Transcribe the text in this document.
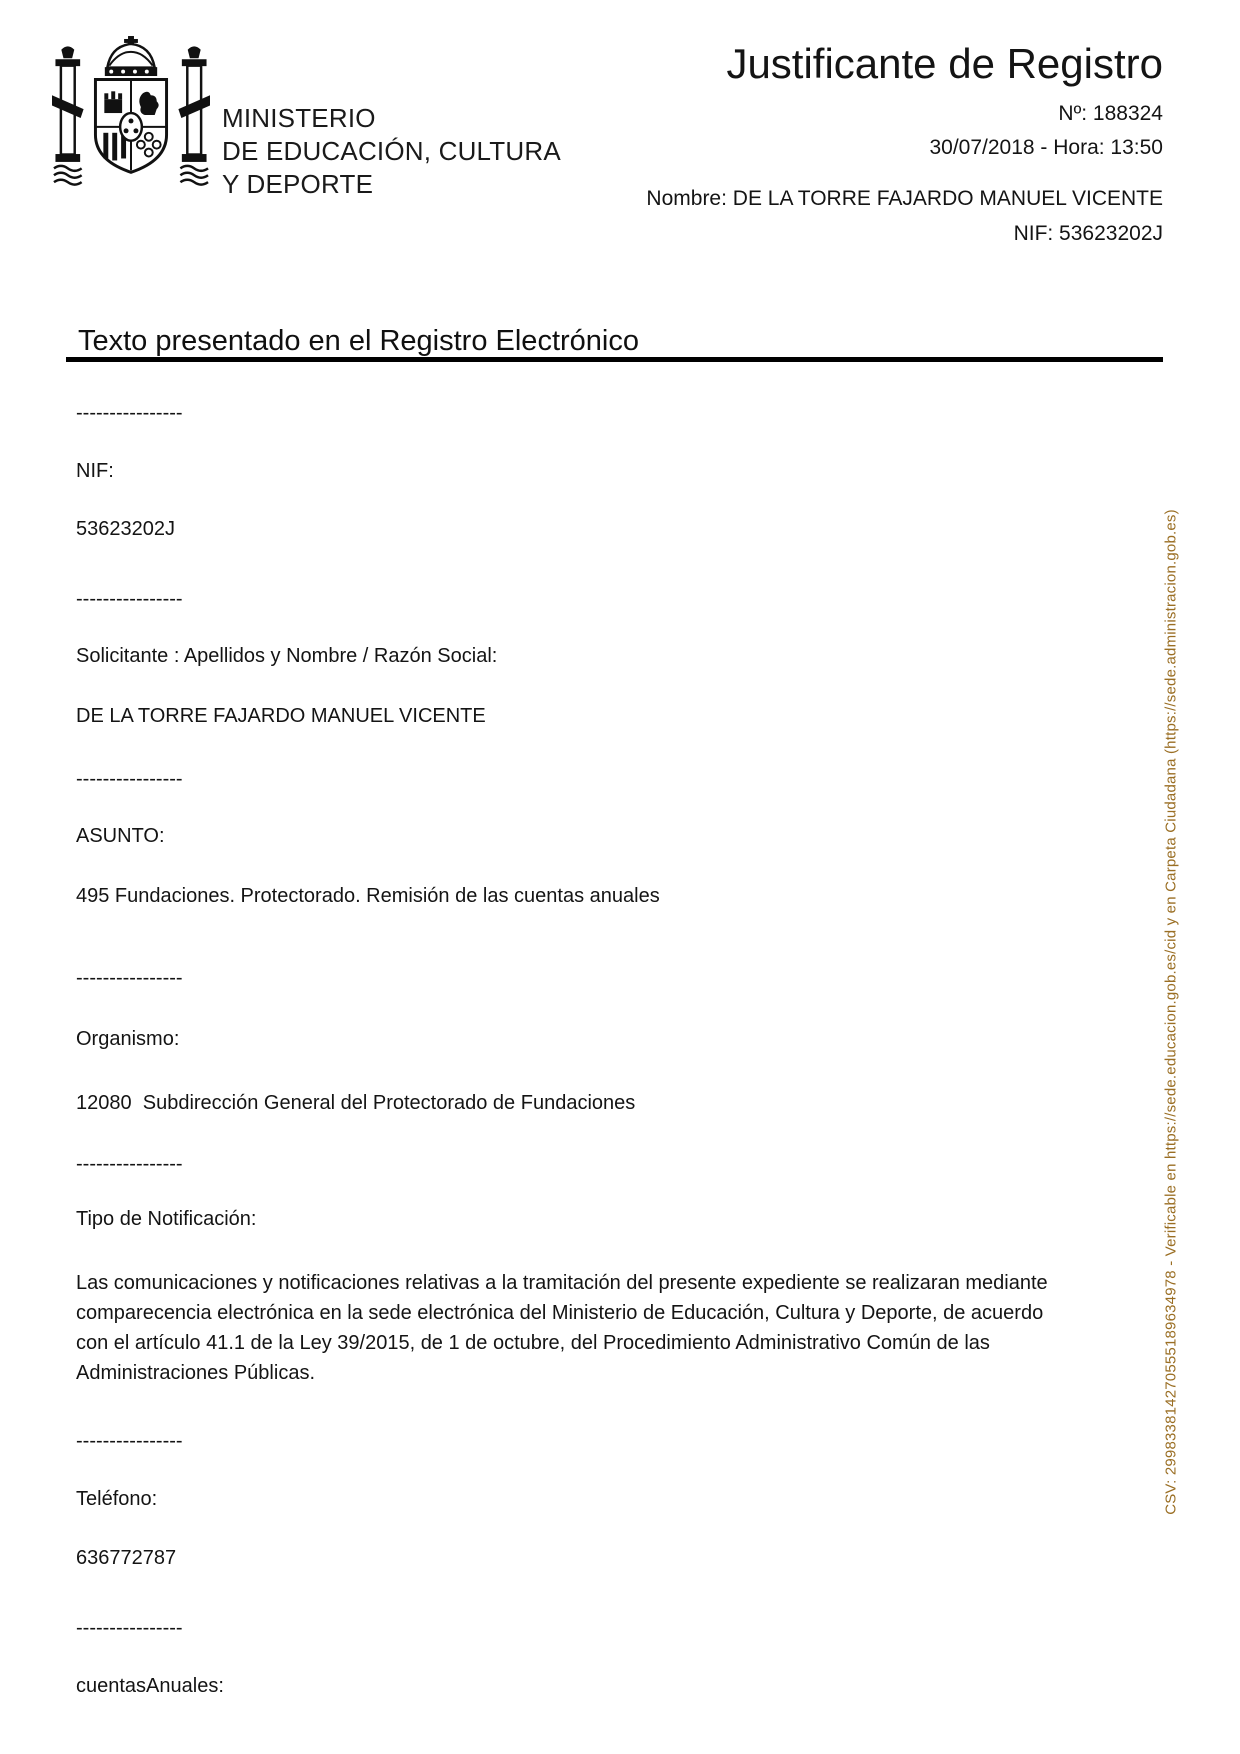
MINISTERIO
DE EDUCACIÓN, CULTURA
Y DEPORTE
Justificante de Registro
Nº: 188324
30/07/2018 - Hora: 13:50
Nombre: DE LA TORRE FAJARDO MANUEL VICENTE
NIF: 53623202J
Texto presentado en el Registro Electrónico
----------------
NIF:
53623202J
----------------
Solicitante : Apellidos y Nombre / Razón Social:
DE LA TORRE FAJARDO MANUEL VICENTE
----------------
ASUNTO:
495 Fundaciones. Protectorado. Remisión de las cuentas anuales
----------------
Organismo:
12080  Subdirección General del Protectorado de Fundaciones
----------------
Tipo de Notificación:
Las comunicaciones y notificaciones relativas a la tramitación del presente expediente se realizaran mediante
comparecencia electrónica en la sede electrónica del Ministerio de Educación, Cultura y Deporte, de acuerdo
con el artículo 41.1 de la Ley 39/2015, de 1 de octubre, del Procedimiento Administrativo Común de las
Administraciones Públicas.
----------------
Teléfono:
636772787
----------------
cuentasAnuales:
CSV: 299833814270555189634978 - Verificable en https://sede.educacion.gob.es/cid y en Carpeta Ciudadana (https://sede.administracion.gob.es)
